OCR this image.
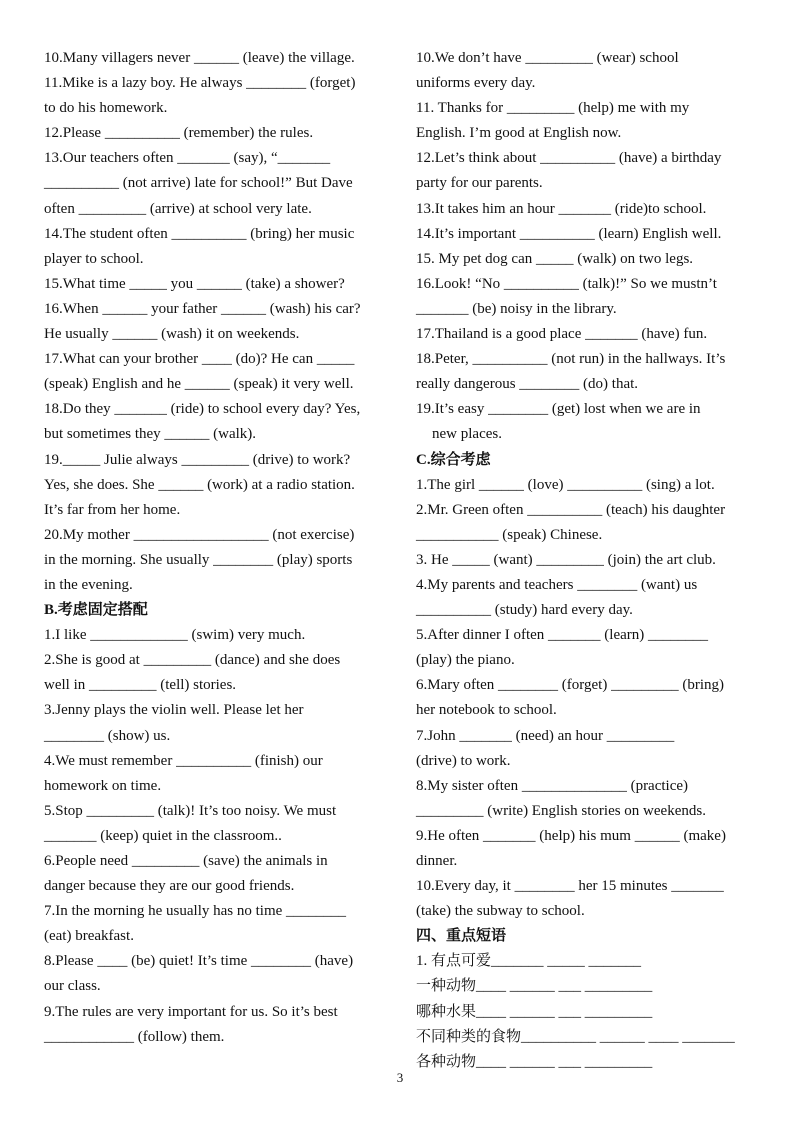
10.Many villagers never ______ (leave) the village.
11.Mike is a lazy boy. He always ________ (forget)
to do his homework.
12.Please __________ (remember) the rules.
13.Our teachers often _______ (say), “_______
__________ (not arrive) late for school!” But Dave
often _________ (arrive) at school very late.
14.The student often __________ (bring) her music
player to school.
15.What time _____ you ______ (take) a shower?
16.When ______ your father ______ (wash) his car?
He usually ______ (wash) it on weekends.
17.What can your brother ____ (do)? He can _____
(speak) English and he ______ (speak) it very well.
18.Do they _______ (ride) to school every day? Yes,
but sometimes they ______ (walk).
19._____ Julie always _________ (drive) to work?
Yes, she does. She ______ (work) at a radio station.
It’s far from her home.
20.My mother __________________ (not exercise)
in the morning. She usually ________ (play) sports
in the evening.
B.考虑固定搭配
1.I like _____________ (swim) very much.
2.She is good at _________ (dance) and she does
well in _________ (tell) stories.
3.Jenny plays the violin well. Please let her
________ (show) us.
4.We must remember __________ (finish) our
homework on time.
5.Stop _________ (talk)! It’s too noisy. We must
_______ (keep) quiet in the classroom..
6.People need _________ (save) the animals in
danger because they are our good friends.
7.In the morning he usually has no time ________
(eat) breakfast.
8.Please ____ (be) quiet! It’s time ________ (have)
our class.
9.The rules are very important for us. So it’s best
____________ (follow) them.
10.We don’t have _________ (wear) school
uniforms every day.
11. Thanks for _________ (help) me with my
English. I’m good at English now.
12.Let’s think about __________ (have) a birthday
party for our parents.
13.It takes him an hour _______ (ride)to school.
14.It’s important __________ (learn) English well.
15. My pet dog can _____ (walk) on two legs.
16.Look! “No __________ (talk)!” So we mustn’t
_______ (be) noisy in the library.
17.Thailand is a good place _______ (have) fun.
18.Peter, __________ (not run) in the hallways. It’s
really dangerous ________ (do) that.
19.It’s easy ________ (get) lost when we are in
new places.
C.综合考虑
1.The girl ______ (love) __________ (sing) a lot.
2.Mr. Green often __________ (teach) his daughter
___________ (speak) Chinese.
3. He _____ (want) _________ (join) the art club.
4.My parents and teachers ________ (want) us
__________ (study) hard every day.
5.After dinner I often _______ (learn) ________
(play) the piano.
6.Mary often ________ (forget) _________ (bring)
her notebook to school.
7.John _______ (need) an hour _________
(drive) to work.
8.My sister often ______________ (practice)
_________ (write) English stories on weekends.
9.He often _______ (help) his mum ______ (make)
dinner.
10.Every day, it ________ her 15 minutes _______
(take) the subway to school.
四、重点短语
1. 有点可爱_______ _____ _______
一种动物____ ______ ___ _________
哪种水果____ ______ ___ _________
不同种类的食物__________ ______ ____ _______
各种动物____ ______ ___ _________
3
